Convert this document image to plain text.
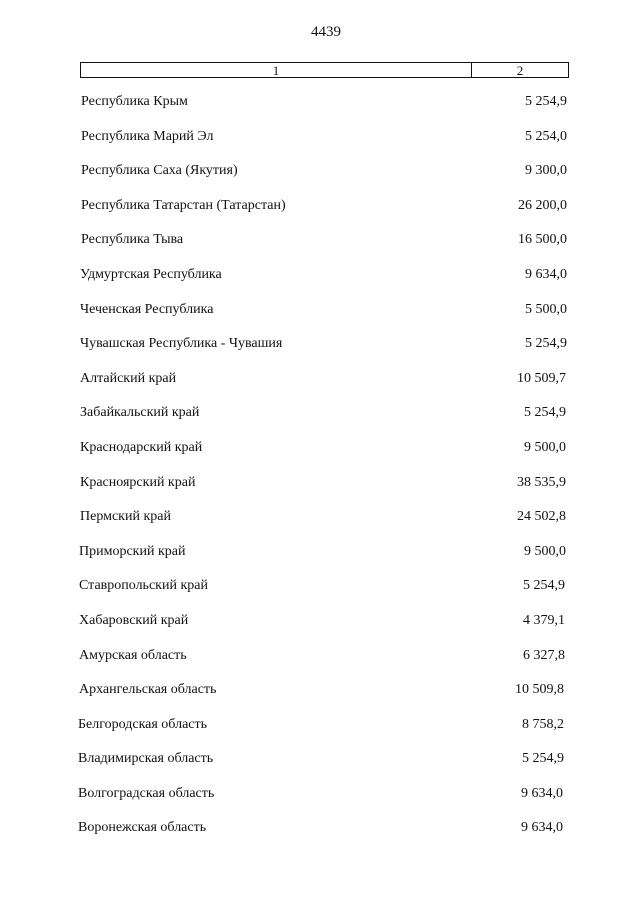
4439
1	2
Республика Крым	5 254,9
Республика Марий Эл	5 254,0
Республика Саха (Якутия)	9 300,0
Республика Татарстан (Татарстан)	26 200,0
Республика Тыва	16 500,0
Удмуртская Республика	9 634,0
Чеченская Республика	5 500,0
Чувашская Республика - Чувашия	5 254,9
Алтайский край	10 509,7
Забайкальский край	5 254,9
Краснодарский край	9 500,0
Красноярский край	38 535,9
Пермский край	24 502,8
Приморский край	9 500,0
Ставропольский край	5 254,9
Хабаровский край	4 379,1
Амурская область	6 327,8
Архангельская область	10 509,8
Белгородская область	8 758,2
Владимирская область	5 254,9
Волгоградская область	9 634,0
Воронежская область	9 634,0
